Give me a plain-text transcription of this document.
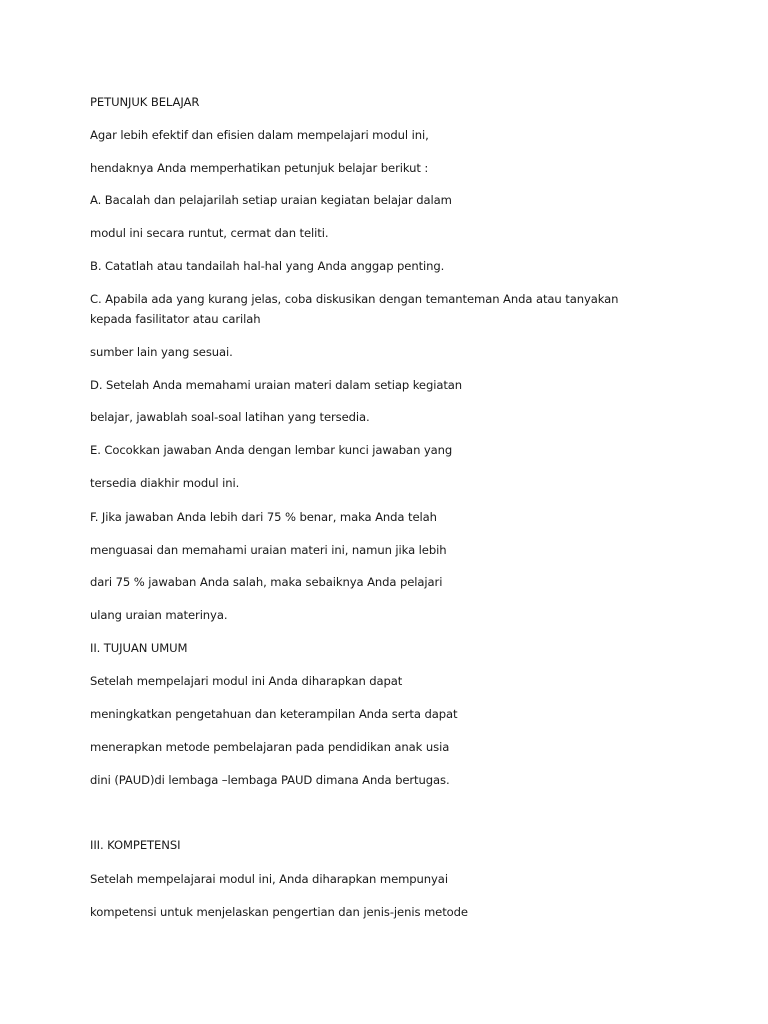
PETUNJUK BELAJAR
Agar lebih efektif dan efisien dalam mempelajari modul ini,
hendaknya Anda memperhatikan petunjuk belajar berikut :
A. Bacalah dan pelajarilah setiap uraian kegiatan belajar dalam
modul ini secara runtut, cermat dan teliti.
B. Catatlah atau tandailah hal-hal yang Anda anggap penting.
C. Apabila ada yang kurang jelas, coba diskusikan dengan temanteman Anda atau tanyakan kepada fasilitator atau carilah
sumber lain yang sesuai.
D. Setelah Anda memahami uraian materi dalam setiap kegiatan
belajar, jawablah soal-soal latihan yang tersedia.
E. Cocokkan jawaban Anda dengan lembar kunci jawaban yang
tersedia diakhir modul ini.
F. Jika jawaban Anda lebih dari 75 % benar, maka Anda telah
menguasai dan memahami uraian materi ini, namun jika lebih
dari 75 % jawaban Anda salah, maka sebaiknya Anda pelajari
ulang uraian materinya.
II. TUJUAN UMUM
Setelah mempelajari modul ini Anda diharapkan dapat
meningkatkan pengetahuan dan keterampilan Anda serta dapat
menerapkan metode pembelajaran pada pendidikan anak usia
dini (PAUD)di lembaga –lembaga PAUD dimana Anda bertugas.
III. KOMPETENSI
Setelah mempelajarai modul ini, Anda diharapkan mempunyai
kompetensi untuk menjelaskan pengertian dan jenis-jenis metode
